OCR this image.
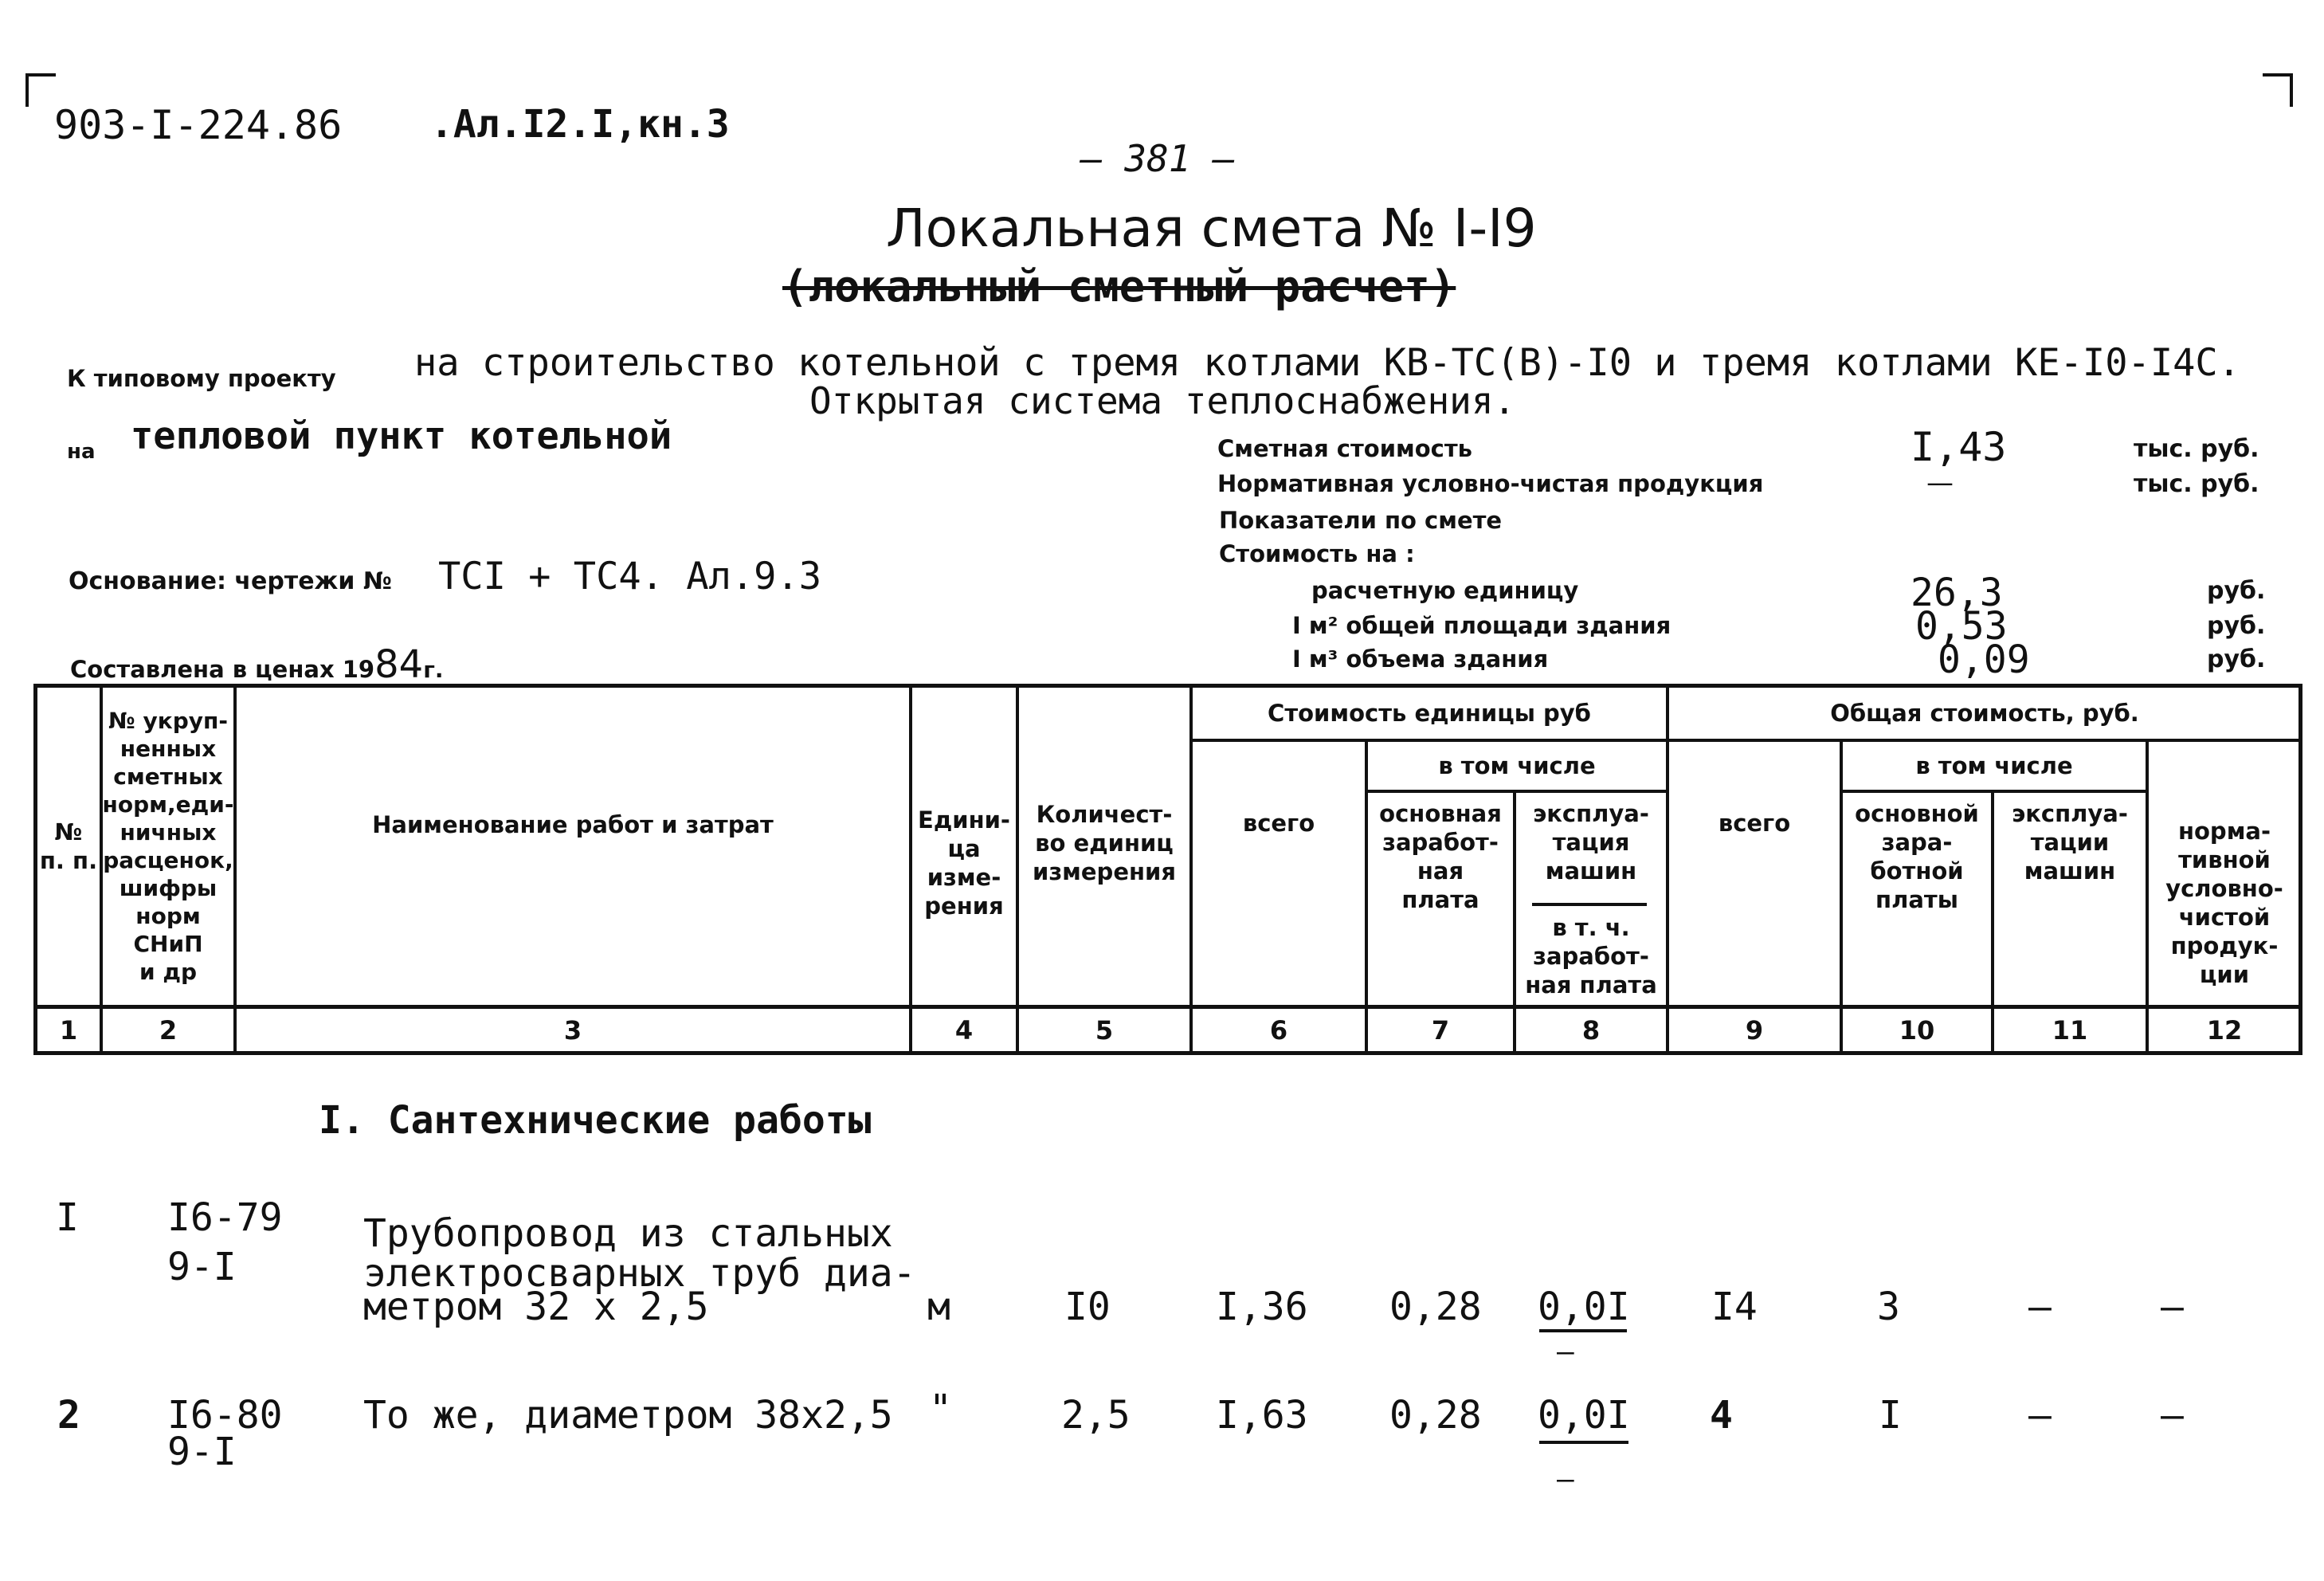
903-I-224.86 .Ал.I2.I,кн.3
— 381 —
Локальная смета № I-I9
(локальный сметный расчет)
К типовому проекту на строительство котельной с тремя котлами КВ-ТС(В)-I0 и тремя котлами КЕ-I0-I4С.
Открытая система теплоснабжения.
на тепловой пункт котельной
Основание: чертежи № ТСI + ТС4. Ал.9.3
Составлена в ценах 1984г.
Сметная стоимость	I,43	тыс. руб.
Нормативная условно-чистая продукция	—	тыс. руб.
Показатели по смете
Стоимость на :
расчетную единицу	26,3	руб.
I м² общей площади здания	0,53	руб.
I м³ объема здания	0,09	руб.
№
п. п.
№ укруп-
ненных
сметных
норм,еди-
ничных
расценок,
шифры
норм
СНиП
и др
Наименование работ и затрат	Едини-
ца
изме-
рения
Количест-
во единиц
измерения
Стоимость единицы руб
в том числе
всего	основная
заработ-
ная
плата
эксплуа-
тация
машин
в т. ч.
заработ-
ная плата
Общая стоимость, руб.
в том числе
всего	основной
зара-
ботной
платы
эксплуа-
тации
машин
норма-
тивной
условно-
чистой
продук-
ции
1	2	3	4	5	6	7	8	9	10	11	12
I. Сантехнические работы
I I6-79
9-I
Трубопровод из стальных
электросварных труб диа-
метром 32 х 2,5	м	I0	I,36 0,28 0,0I
—
I4	3	—	—
2 I6-80
9-I
То же, диаметром 38х2,5 "	2,5 I,63 0,28 0,0I
—
4	I	—	—
